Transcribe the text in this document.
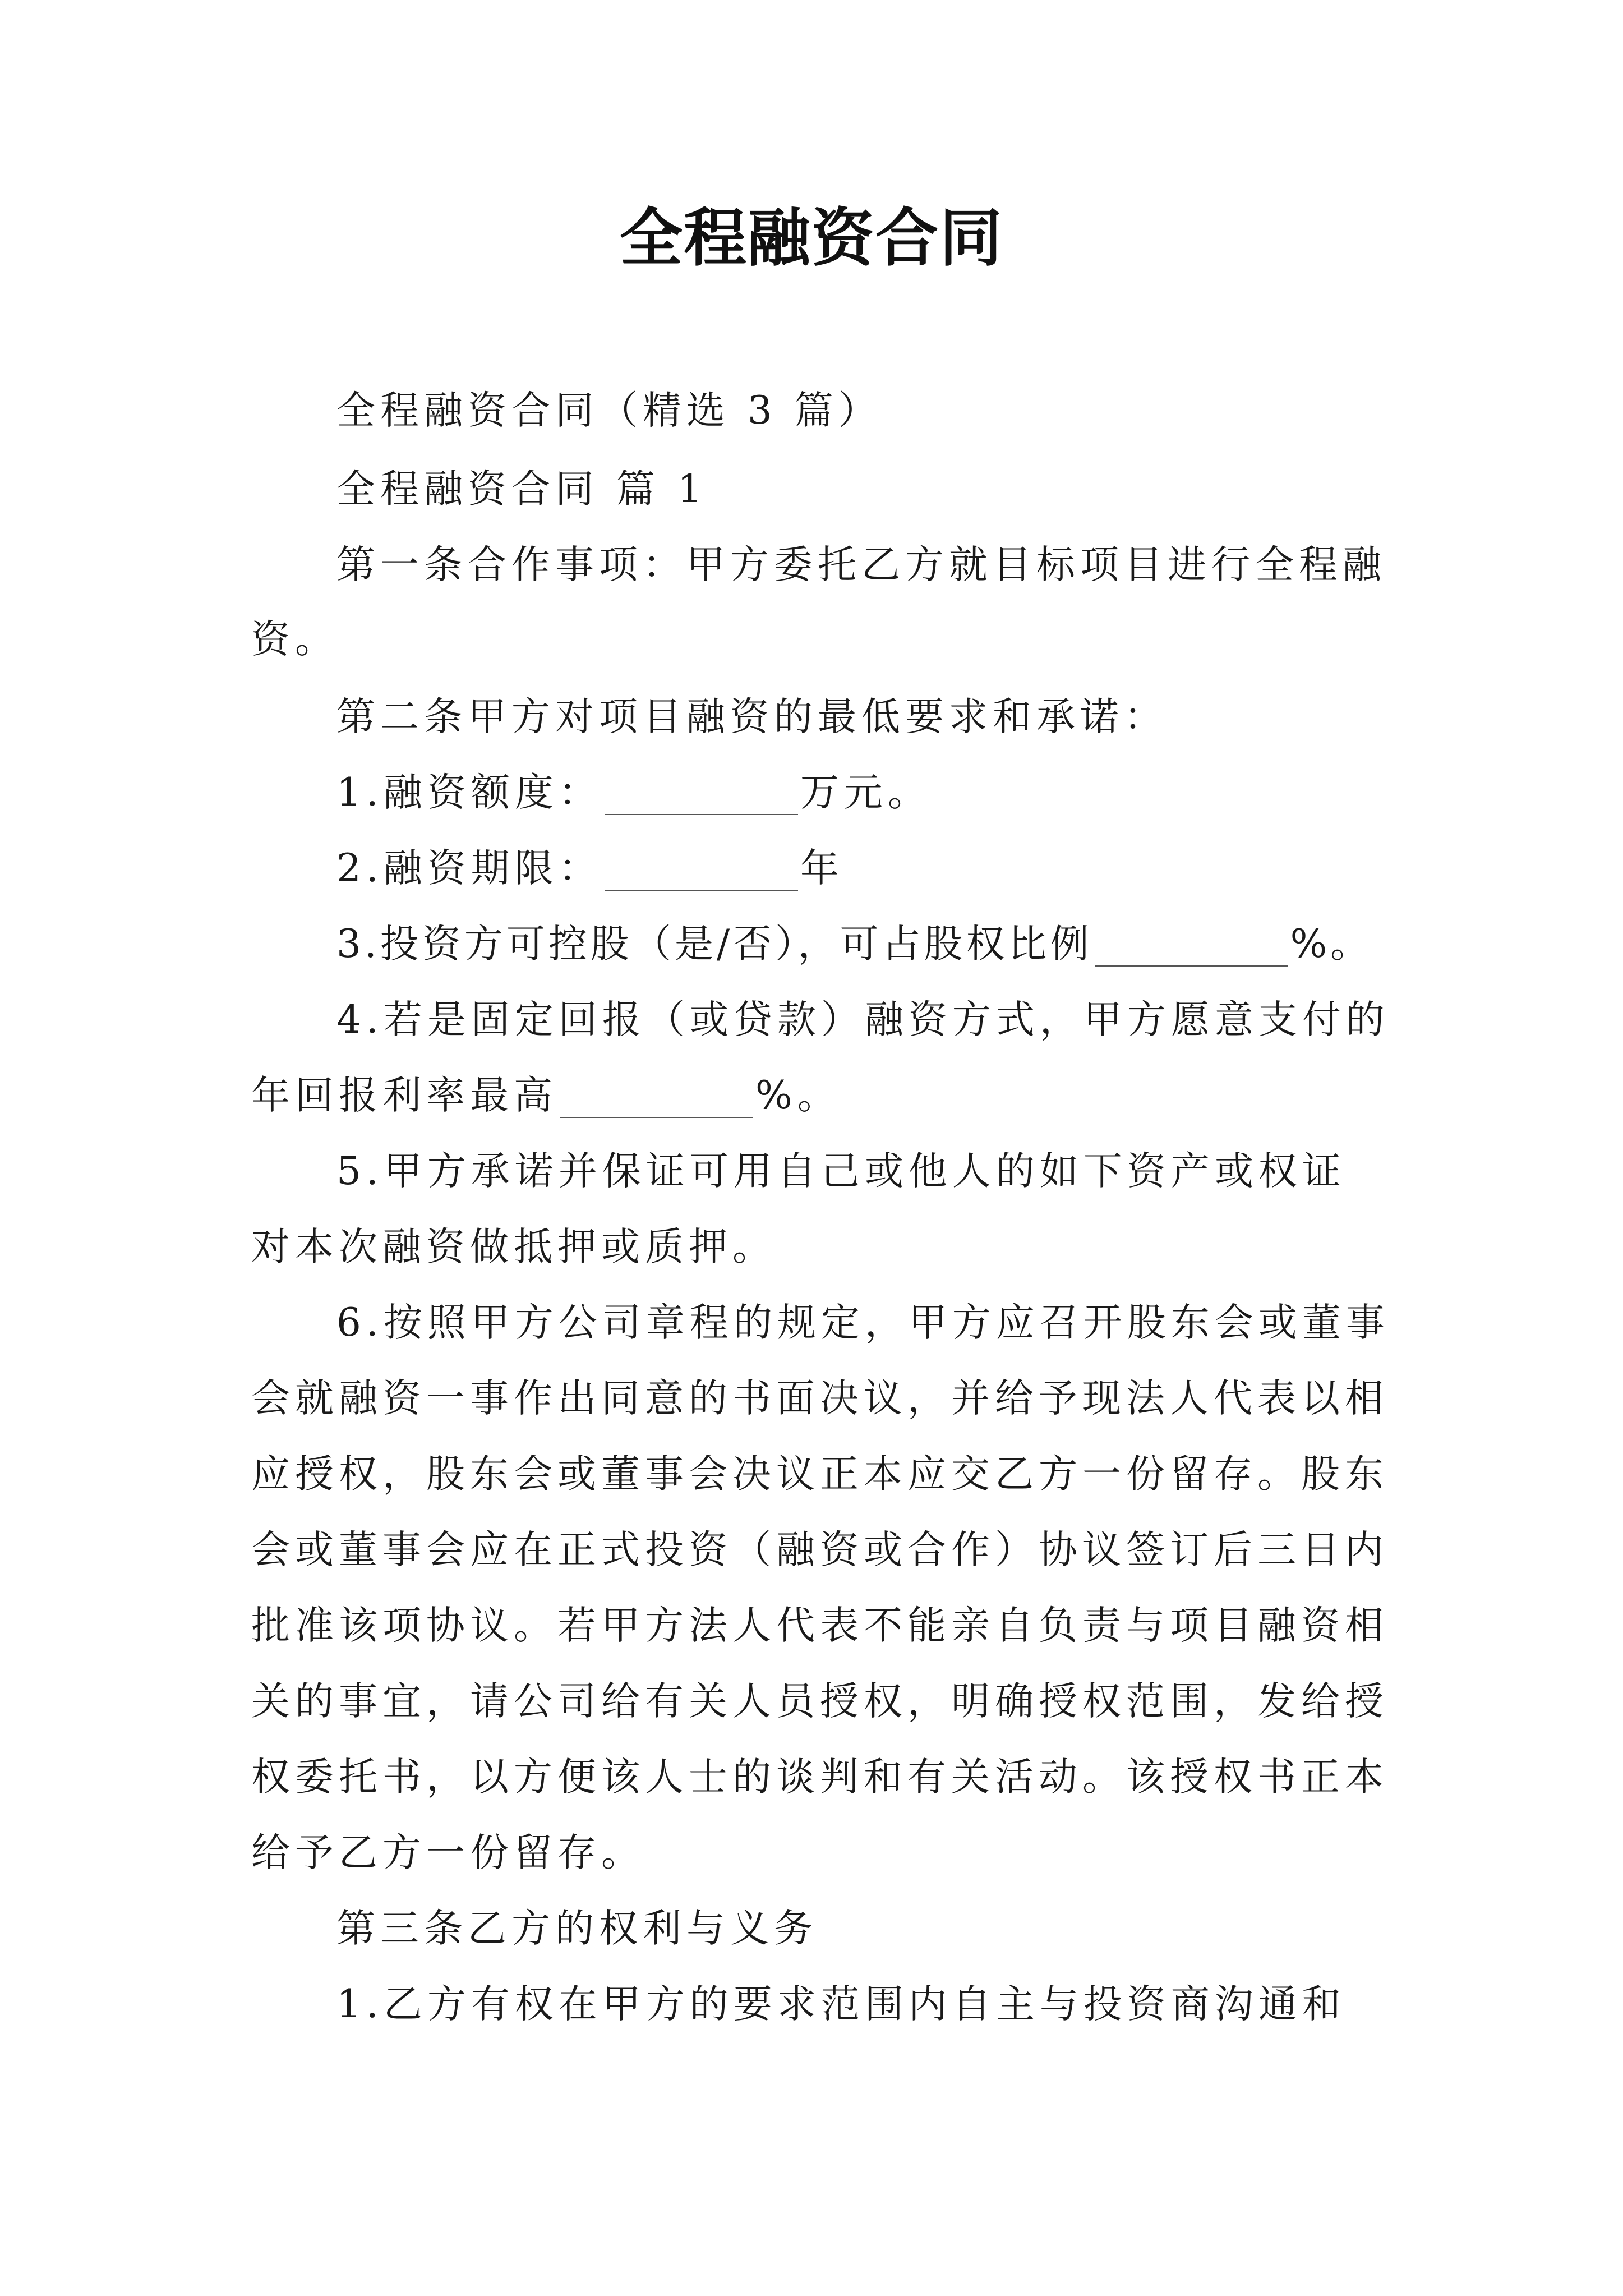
全程融资合同
全程融资合同（精选 3 篇）
全程融资合同 篇 1
第一条合作事项：甲方委托乙方就目标项目进行全程融
资。
第二条甲方对项目融资的最低要求和承诺：
1.融资额度：	万元。
2.融资期限：	年
3.投资方可控股（是/否），可占股权比例	%。
4.若是固定回报（或贷款）融资方式，甲方愿意支付的
年回报利率最高	%。
5.甲方承诺并保证可用自己或他人的如下资产或权证
对本次融资做抵押或质押。
6.按照甲方公司章程的规定，甲方应召开股东会或董事
会就融资一事作出同意的书面决议，并给予现法人代表以相
应授权，股东会或董事会决议正本应交乙方一份留存。股东
会或董事会应在正式投资（融资或合作）协议签订后三日内
批准该项协议。若甲方法人代表不能亲自负责与项目融资相
关的事宜，请公司给有关人员授权，明确授权范围，发给授
权委托书，以方便该人士的谈判和有关活动。该授权书正本
给予乙方一份留存。
第三条乙方的权利与义务
1.乙方有权在甲方的要求范围内自主与投资商沟通和
